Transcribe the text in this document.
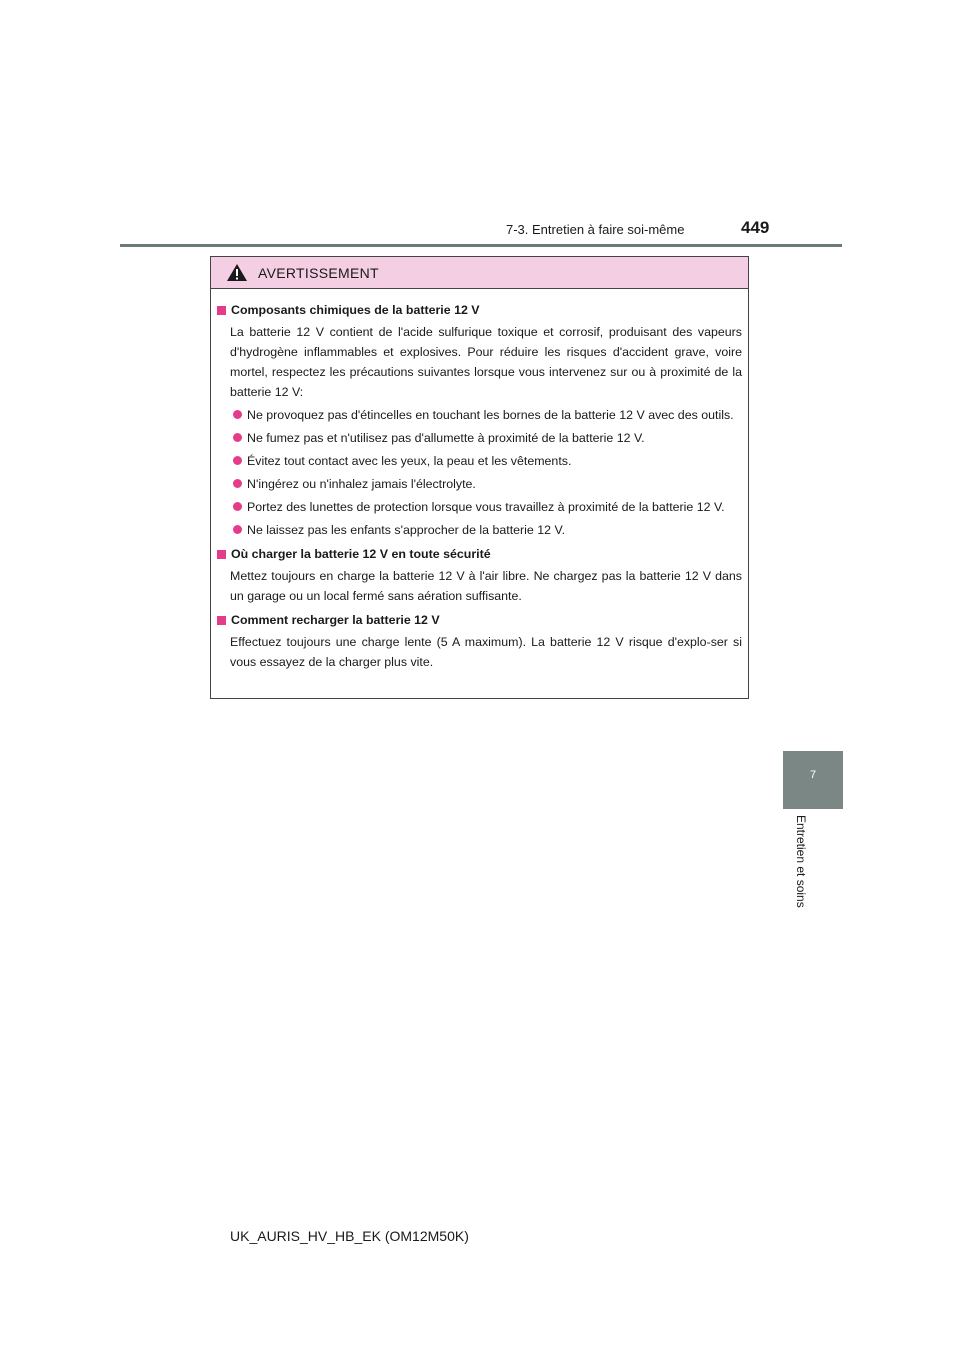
7-3. Entretien à faire soi-même	449
7
Entretien et soins
AVERTISSEMENT
Composants chimiques de la batterie 12 V
La batterie 12 V contient de l'acide sulfurique toxique et corrosif, produisant des vapeurs d'hydrogène inflammables et explosives. Pour réduire les risques d'accident grave, voire mortel, respectez les précautions suivantes lorsque vous intervenez sur ou à proximité de la batterie 12 V:
Ne provoquez pas d'étincelles en touchant les bornes de la batterie 12 V avec des outils.
Ne fumez pas et n'utilisez pas d'allumette à proximité de la batterie 12 V.
Évitez tout contact avec les yeux, la peau et les vêtements.
N'ingérez ou n'inhalez jamais l'électrolyte.
Portez des lunettes de protection lorsque vous travaillez à proximité de la batterie 12 V.
Ne laissez pas les enfants s'approcher de la batterie 12 V.
Où charger la batterie 12 V en toute sécurité
Mettez toujours en charge la batterie 12 V à l'air libre. Ne chargez pas la batterie 12 V dans un garage ou un local fermé sans aération suffisante.
Comment recharger la batterie 12 V
Effectuez toujours une charge lente (5 A maximum). La batterie 12 V risque d'explo-ser si vous essayez de la charger plus vite.
UK_AURIS_HV_HB_EK (OM12M50K)
